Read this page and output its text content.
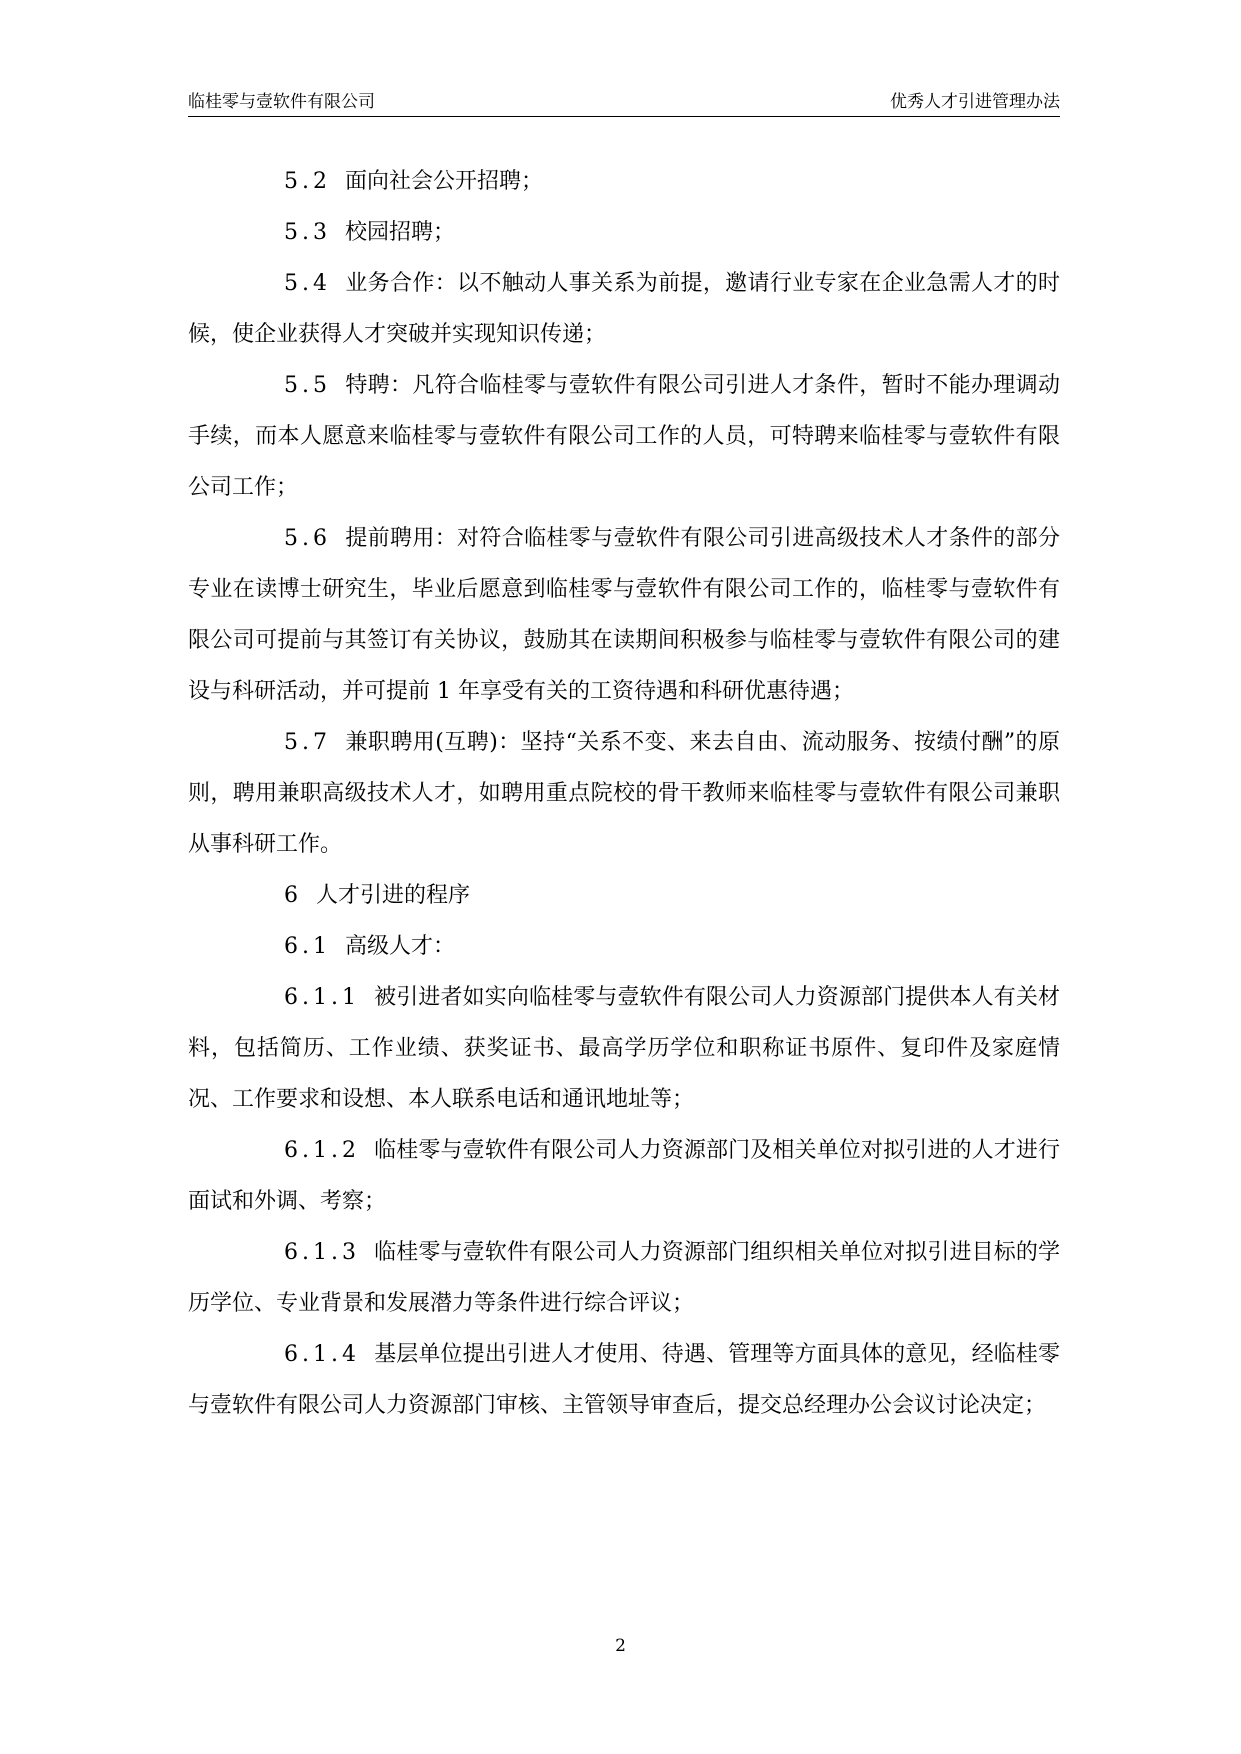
临桂零与壹软件有限公司	优秀人才引进管理办法

5.2 面向社会公开招聘；

5.3 校园招聘；

5.4 业务合作：以不触动人事关系为前提，邀请行业专家在企业急需人才的时候，使企业获得人才突破并实现知识传递；

5.5 特聘：凡符合临桂零与壹软件有限公司引进人才条件，暂时不能办理调动手续，而本人愿意来临桂零与壹软件有限公司工作的人员，可特聘来临桂零与壹软件有限公司工作；

5.6 提前聘用：对符合临桂零与壹软件有限公司引进高级技术人才条件的部分专业在读博士研究生，毕业后愿意到临桂零与壹软件有限公司工作的，临桂零与壹软件有限公司可提前与其签订有关协议，鼓励其在读期间积极参与临桂零与壹软件有限公司的建设与科研活动，并可提前 1 年享受有关的工资待遇和科研优惠待遇；

5.7 兼职聘用(互聘)：坚持“关系不变、来去自由、流动服务、按绩付酬”的原则，聘用兼职高级技术人才，如聘用重点院校的骨干教师来临桂零与壹软件有限公司兼职从事科研工作。

6 人才引进的程序

6.1 高级人才：

6.1.1 被引进者如实向临桂零与壹软件有限公司人力资源部门提供本人有关材料，包括简历、工作业绩、获奖证书、最高学历学位和职称证书原件、复印件及家庭情况、工作要求和设想、本人联系电话和通讯地址等；

6.1.2 临桂零与壹软件有限公司人力资源部门及相关单位对拟引进的人才进行面试和外调、考察；

6.1.3 临桂零与壹软件有限公司人力资源部门组织相关单位对拟引进目标的学历学位、专业背景和发展潜力等条件进行综合评议；

6.1.4 基层单位提出引进人才使用、待遇、管理等方面具体的意见，经临桂零与壹软件有限公司人力资源部门审核、主管领导审查后，提交总经理办公会议讨论决定；

2
